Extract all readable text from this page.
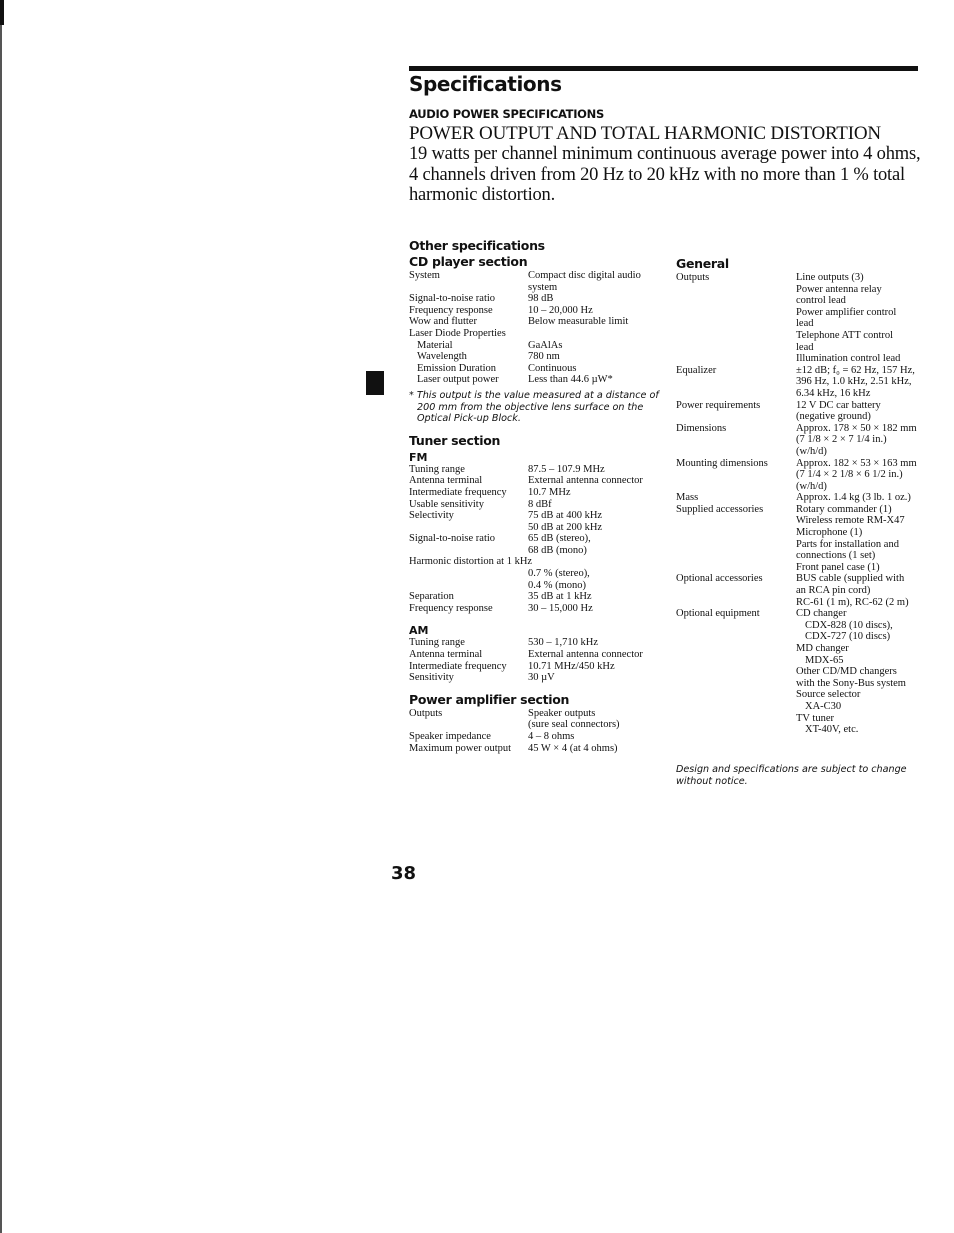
Specifications
AUDIO POWER SPECIFICATIONS
POWER OUTPUT AND TOTAL HARMONIC DISTORTION
19 watts per channel minimum continuous average power into 4 ohms, 4 channels driven from 20 Hz to 20 kHz with no more than 1 % total harmonic distortion.
Other specifications
CD player section
System	Compact disc digital audio
system
Signal-to-noise ratio	98 dB
Frequency response	10 – 20,000 Hz
Wow and flutter	Below measurable limit
Laser Diode Properties
Material	GaAlAs
Wavelength	780 nm
Emission Duration	Continuous
Laser output power	Less than 44.6 µW*
* This output is the value measured at a distance of 200 mm from the objective lens surface on the Optical Pick-up Block.
Tuner section
FM
Tuning range	87.5 – 107.9 MHz
Antenna terminal	External antenna connector
Intermediate frequency	10.7 MHz
Usable sensitivity	8 dBf
Selectivity	75 dB at 400 kHz
50 dB at 200 kHz
Signal-to-noise ratio	65 dB (stereo),
68 dB (mono)
Harmonic distortion at 1 kHz
0.7 % (stereo),
0.4 % (mono)
Separation	35 dB at 1 kHz
Frequency response	30 – 15,000 Hz
AM
Tuning range	530 – 1,710 kHz
Antenna terminal	External antenna connector
Intermediate frequency	10.71 MHz/450 kHz
Sensitivity	30 µV
Power amplifier section
Outputs	Speaker outputs
(sure seal connectors)
Speaker impedance	4 – 8 ohms
Maximum power output	45 W × 4 (at 4 ohms)
General
Outputs	Line outputs (3)
Power antenna relay
control lead
Power amplifier control
lead
Telephone ATT control
lead
Illumination control lead
Equalizer	±12 dB; f₀ = 62 Hz, 157 Hz,
396 Hz, 1.0 kHz, 2.51 kHz,
6.34 kHz, 16 kHz
Power requirements	12 V DC car battery
(negative ground)
Dimensions	Approx. 178 × 50 × 182 mm
(7 1/8 × 2 × 7 1/4 in.)
(w/h/d)
Mounting dimensions	Approx. 182 × 53 × 163 mm
(7 1/4 × 2 1/8 × 6 1/2 in.)
(w/h/d)
Mass	Approx. 1.4 kg (3 lb. 1 oz.)
Supplied accessories	Rotary commander (1)
Wireless remote RM-X47
Microphone (1)
Parts for installation and
connections (1 set)
Front panel case (1)
Optional accessories	BUS cable (supplied with
an RCA pin cord)
RC-61 (1 m), RC-62 (2 m)
Optional equipment	CD changer
CDX-828 (10 discs),
CDX-727 (10 discs)
MD changer
MDX-65
Other CD/MD changers
with the Sony-Bus system
Source selector
XA-C30
TV tuner
XT-40V, etc.
Design and specifications are subject to change without notice.
38
